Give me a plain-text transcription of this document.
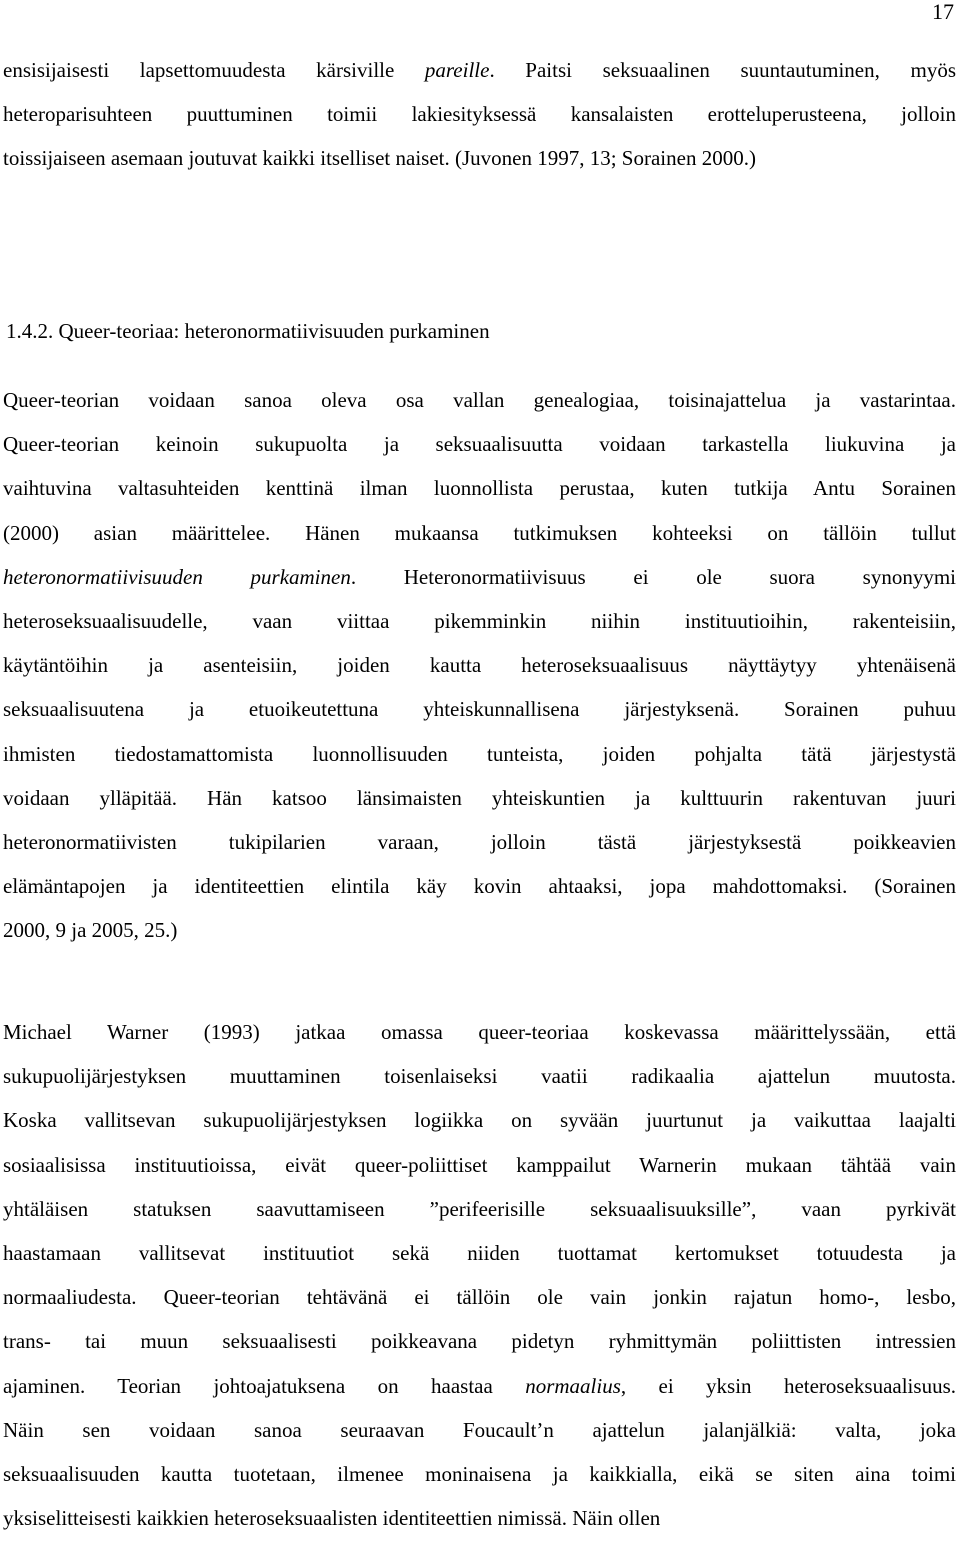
17
ensisijaisesti lapsettomuudesta kärsiville pareille. Paitsi seksuaalinen suuntautuminen, myös
heteroparisuhteen puuttuminen toimii lakiesityksessä kansalaisten erotteluperusteena, jolloin
toissijaiseen asemaan joutuvat kaikki itselliset naiset. (Juvonen 1997, 13; Sorainen 2000.)
1.4.2. Queer-teoriaa: heteronormatiivisuuden purkaminen
Queer-teorian voidaan sanoa oleva osa vallan genealogiaa, toisinajattelua ja vastarintaa.
Queer-teorian keinoin sukupuolta ja seksuaalisuutta voidaan tarkastella liukuvina ja
vaihtuvina valtasuhteiden kenttinä ilman luonnollista perustaa, kuten tutkija Antu Sorainen
(2000) asian määrittelee. Hänen mukaansa tutkimuksen kohteeksi on tällöin tullut
heteronormatiivisuuden purkaminen. Heteronormatiivisuus ei ole suora synonyymi
heteroseksuaalisuudelle, vaan viittaa pikemminkin niihin instituutioihin, rakenteisiin,
käytäntöihin ja asenteisiin, joiden kautta heteroseksuaalisuus näyttäytyy yhtenäisenä
seksuaalisuutena ja etuoikeutettuna yhteiskunnallisena järjestyksenä. Sorainen puhuu
ihmisten tiedostamattomista luonnollisuuden tunteista, joiden pohjalta tätä järjestystä
voidaan ylläpitää. Hän katsoo länsimaisten yhteiskuntien ja kulttuurin rakentuvan juuri
heteronormatiivisten tukipilarien varaan, jolloin tästä järjestyksestä poikkeavien
elämäntapojen ja identiteettien elintila käy kovin ahtaaksi, jopa mahdottomaksi. (Sorainen
2000, 9 ja 2005, 25.)
Michael Warner (1993) jatkaa omassa queer-teoriaa koskevassa määrittelyssään, että
sukupuolijärjestyksen muuttaminen toisenlaiseksi vaatii radikaalia ajattelun muutosta.
Koska vallitsevan sukupuolijärjestyksen logiikka on syvään juurtunut ja vaikuttaa laajalti
sosiaalisissa instituutioissa, eivät queer-poliittiset kamppailut Warnerin mukaan tähtää vain
yhtäläisen statuksen saavuttamiseen ”perifeerisille seksuaalisuuksille”, vaan pyrkivät
haastamaan vallitsevat instituutiot sekä niiden tuottamat kertomukset totuudesta ja
normaaliudesta. Queer-teorian tehtävänä ei tällöin ole vain jonkin rajatun homo-, lesbo,
trans- tai muun seksuaalisesti poikkeavana pidetyn ryhmittymän poliittisten intressien
ajaminen. Teorian johtoajatuksena on haastaa normaalius, ei yksin heteroseksuaalisuus.
Näin sen voidaan sanoa seuraavan Foucault’n ajattelun jalanjälkiä: valta, joka
seksuaalisuuden kautta tuotetaan, ilmenee moninaisena ja kaikkialla, eikä se siten aina toimi
yksiselitteisesti kaikkien heteroseksuaalisten identiteettien nimissä. Näin ollen
